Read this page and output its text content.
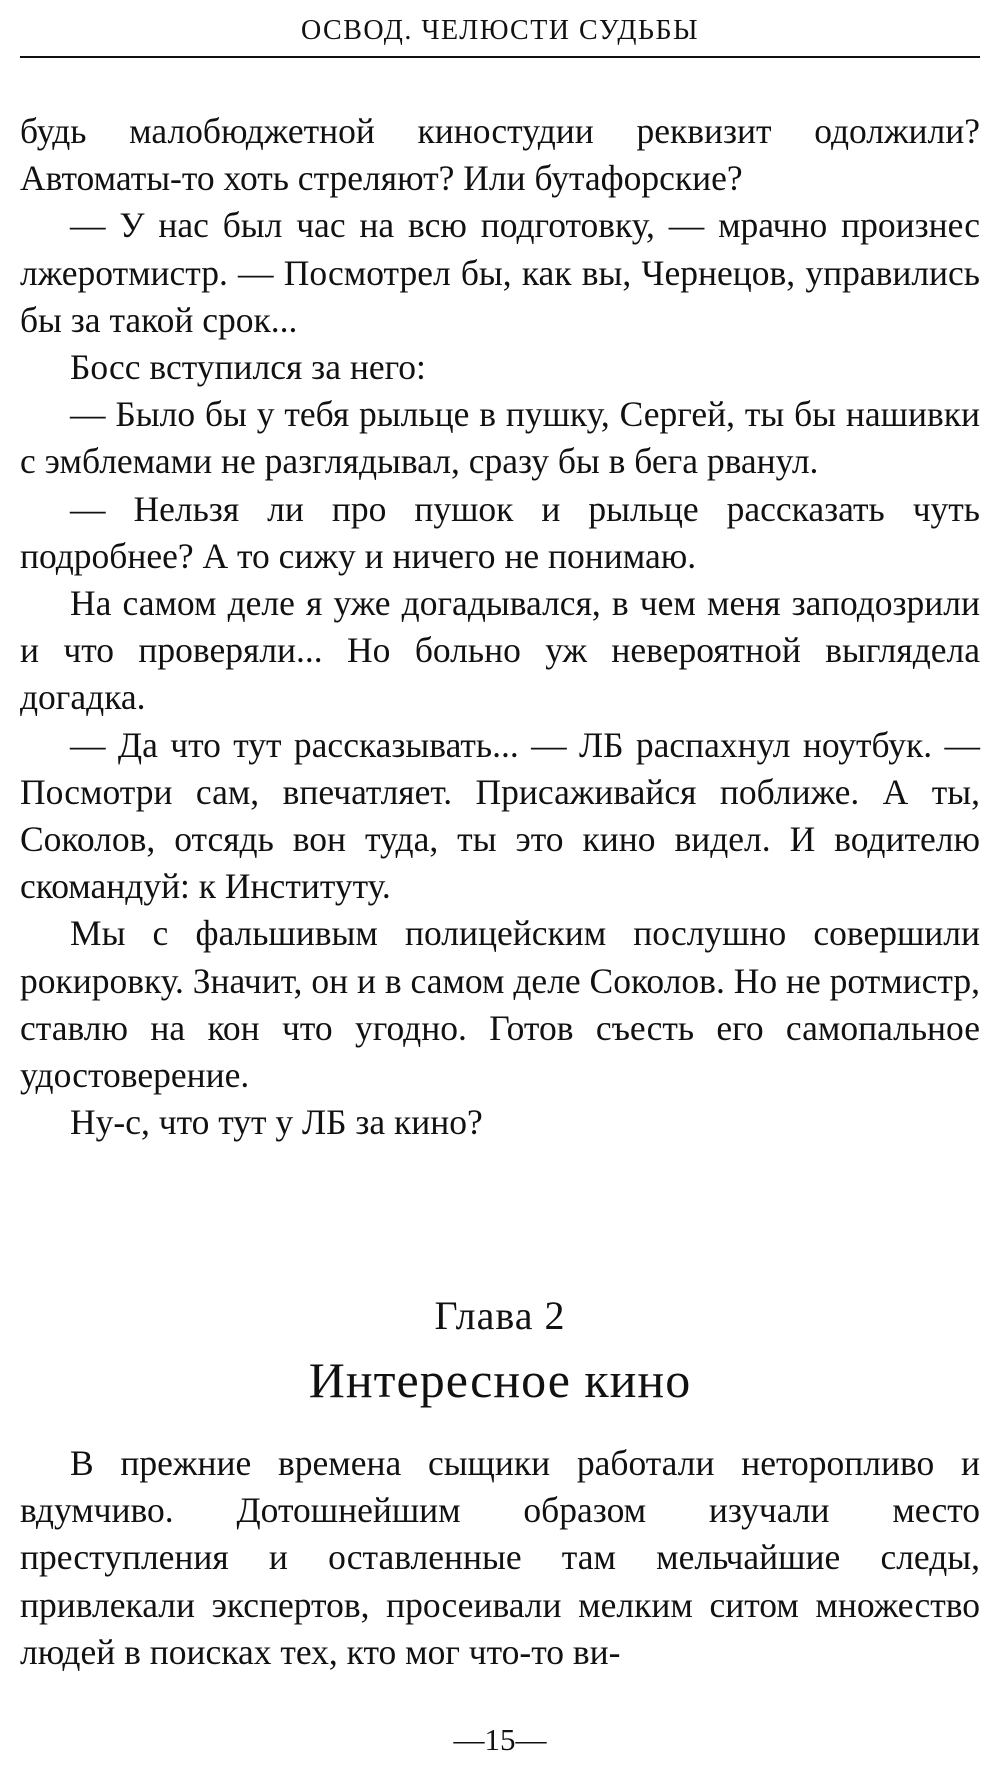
ОСВОД. ЧЕЛЮСТИ СУДЬБЫ

будь малобюджетной киностудии реквизит одолжили? Автоматы-то хоть стреляют? Или бутафорские?

— У нас был час на всю подготовку, — мрачно произнес лжеротмистр. — Посмотрел бы, как вы, Чернецов, управились бы за такой срок...

Босс вступился за него:

— Было бы у тебя рыльце в пушку, Сергей, ты бы нашивки с эмблемами не разглядывал, сразу бы в бега рванул.

— Нельзя ли про пушок и рыльце рассказать чуть подробнее? А то сижу и ничего не понимаю.

На самом деле я уже догадывался, в чем меня заподозрили и что проверяли... Но больно уж невероятной выглядела догадка.

— Да что тут рассказывать... — ЛБ распахнул ноутбук. — Посмотри сам, впечатляет. Присаживайся поближе. А ты, Соколов, отсядь вон туда, ты это кино видел. И водителю скомандуй: к Институту.

Мы с фальшивым полицейским послушно совершили рокировку. Значит, он и в самом деле Соколов. Но не ротмистр, ставлю на кон что угодно. Готов съесть его самопальное удостоверение.

Ну-с, что тут у ЛБ за кино?

Глава 2
Интересное кино

В прежние времена сыщики работали неторопливо и вдумчиво. Дотошнейшим образом изучали место преступления и оставленные там мельчайшие следы, привлекали экспертов, просеивали мелким ситом множество людей в поисках тех, кто мог что-то ви-

—15—
